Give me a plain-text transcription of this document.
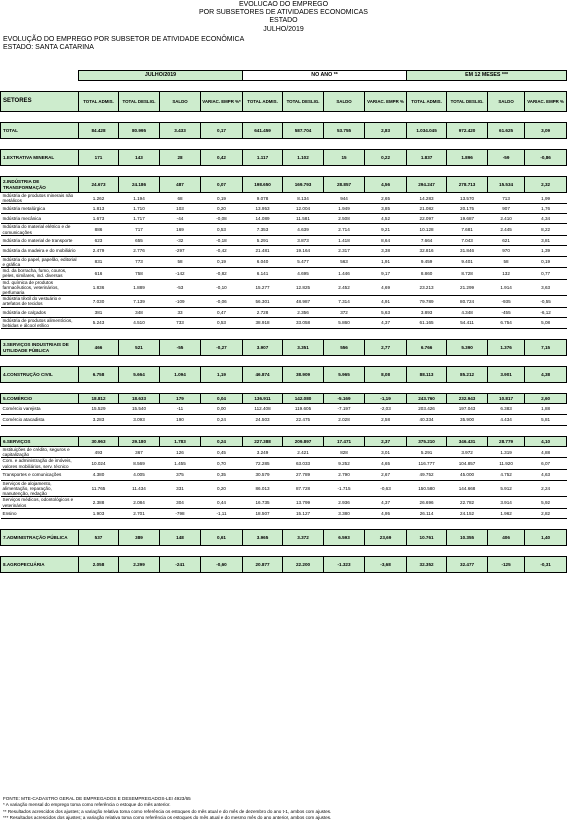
EVOLUCAO DO EMPREGO
POR SUBSETORES DE ATIVIDADES ECONOMICAS
ESTADO
JULHO/2019
EVOLUÇÃO DO EMPREGO POR SUBSETOR DE ATIVIDADE ECONÔMICA
ESTADO: SANTA CATARINA
	JULHO/2019				NO ANO **				EM 12 MESES ***			

SETORES	TOTAL ADMIS.	TOTAL DESLIG.	SALDO	VARIAC. EMPR %*	TOTAL ADMIS.	TOTAL DESLIG.	SALDO	VARIAC. EMPR %	TOTAL ADMIS.	TOTAL DESLIG.	SALDO	VARIAC. EMPR %

TOTAL	84.428	80.995	3.433	0,17	641.459	587.704	53.755	2,83	1.034.045	972.420	61.625	3,09

1.EXTRATIVA MINERAL	171	143	28	0,42	1.117	1.102	15	0,22	1.837	1.896	-59	-0,86

2.INDÚSTRIA DE TRANSFORMAÇÃO	24.673	24.186	487	0,07	198.650	169.793	28.857	4,56	294.247	278.713	15.534	2,32
Indústria de produtos minerais não metálicos	1.262	1.194	68	0,19	9.078	8.134	944	2,65	14.283	13.570	713	1,99
Indústria metalúrgica	1.813	1.710	103	0,20	13.953	12.004	1.949	3,85	21.082	20.175	907	1,76
Indústria mecânica	1.673	1.717	-44	-0,08	14.089	11.581	2.508	4,52	22.097	19.687	2.410	4,34
Indústria do material elétrico e de comunicações	886	717	169	0,53	7.353	4.639	2.714	9,21	10.128	7.681	2.445	8,22
Indústria do material de transporte	623	655	-32	-0,18	5.291	3.873	1.418	8,64	7.664	7.043	621	3,81
Indústria da madeira e do mobiliário	2.479	2.776	-297	-0,42	21.481	19.164	2.317	3,38	32.816	31.846	970	1,39
Indústria do papel, papelão, editorial e gráfica	831	773	58	0,19	6.040	5.477	563	1,91	9.459	9.401	58	0,19
Ind. da borracha, fumo, couros, peles, similares, ind. diversas	616	758	-142	-0,82	6.141	4.695	1.446	9,17	8.860	8.728	132	0,77
Ind. química de produtos farmacêuticos, veterinários, perfumaria	1.836	1.889	-53	-0,10	15.277	12.825	2.452	4,69	23.213	21.299	1.914	3,63
Indústria têxtil do vestuário e artefatos de tecidos	7.030	7.139	-109	-0,06	56.301	48.987	7.314	4,91	79.789	80.724	-935	-0,55
Indústria de calçados	381	348	33	0,47	2.728	2.356	372	5,63	3.893	4.348	-455	-6,12
Indústria de produtos alimentícios, bebidas e álcool etílico	5.243	4.510	733	0,53	38.918	33.058	5.860	4,37	61.165	54.411	6.754	5,08

3.SERVIÇOS INDUSTRIAIS DE UTILIDADE PÚBLICA	466	521	-55	-0,27	3.907	3.351	556	2,77	6.766	5.390	1.376	7,15

4.CONSTRUÇÃO CIVIL	6.758	5.664	1.094	1,19	46.874	38.909	5.965	8,08	88.113	85.212	3.901	4,38

5.COMÉRCIO	18.812	18.633	179	0,04	136.911	142.080	-5.169	-1,19	243.760	232.943	10.817	2,60
Comércio varejista	15.529	15.540	-11	0,00	112.408	119.605	-7.197	-2,03	203.426	197.043	6.383	1,88
Comércio atacadista	3.283	3.093	190	0,24	24.503	22.475	2.028	2,58	40.334	35.900	4.434	5,81

6.SERVIÇOS	30.963	29.180	1.783	0,24	227.388	209.897	17.471	2,37	375.210	346.431	28.779	4,10
Instituições de crédito, seguros e capitalização	493	367	126	0,45	3.249	2.421	828	3,01	5.291	3.972	1.319	4,88
Com. e administração de imóveis, valores mobiliários, serv. técnico	10.024	8.569	1.455	0,70	72.285	63.033	9.252	4,65	116.777	104.857	11.920	6,07
Transportes e comunicações	4.380	4.005	375	0,35	30.579	27.789	2.790	2,67	49.752	45.000	4.752	4,63
Serviços de alojamento, alimentação, reparação, manutenção, redação	11.765	11.434	331	0,20	86.013	87.728	-1.715	-0,63	150.580	144.668	5.912	2,24
Serviços médicos, odontológicos e veterinários	2.388	2.084	304	0,44	16.735	13.799	2.936	4,37	26.696	22.782	3.914	5,92
Ensino	1.903	2.701	-798	-1,11	18.507	15.127	3.380	4,95	26.114	24.152	1.962	2,82

7.ADMINISTRAÇÃO PÚBLICA	537	389	148	0,61	3.965	3.372	6.593	23,69	10.761	10.355	406	1,40

8.AGROPECUÁRIA	2.058	2.299	-241	-0,60	20.877	22.200	-1.323	-3,68	32.352	32.477	-125	-0,31
FONTE: MTE-CADASTRO GERAL DE EMPREGADOS E DESEMPREGADOS-LEI 4923/65
* A variação mensal do emprego toma como referência o estoque do mês anterior.
** Resultados acrescidos dos ajustes; a variação relativa toma como referência os estoques do mês atual e do mês de dezembro do ano t-1, ambos com ajustes.
*** Resultados acrescidos dos ajustes; a variação relativa toma como referência os estoques do mês atual e do mesmo mês do ano anterior, ambos com ajustes.
